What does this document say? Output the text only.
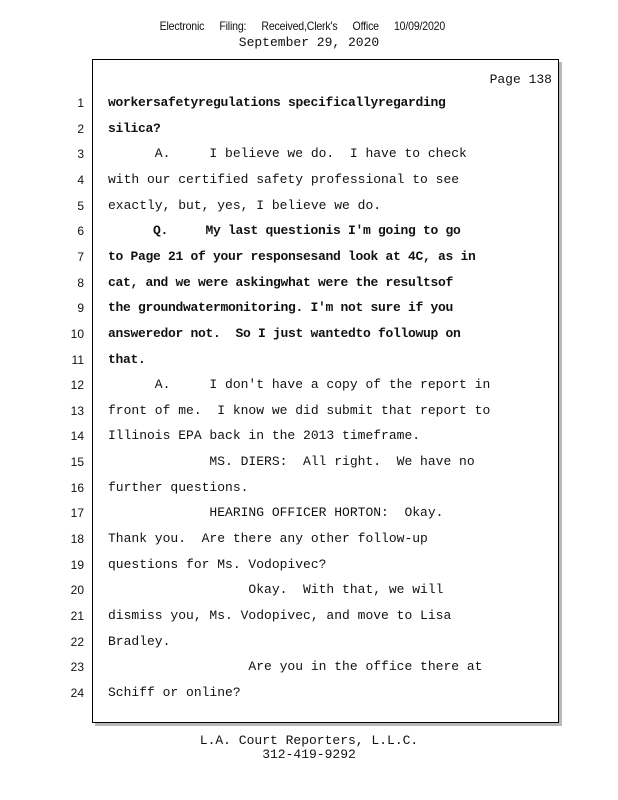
Electronic Filing: Received,Clerk's Office 10/09/2020
September 29, 2020
Page 138
1 workersafetyregulations specificallyregarding
2 silica?
3 A.     I believe we do.  I have to check
4 with our certified safety professional to see
5 exactly, but, yes, I believe we do.
6 Q.     My last questionis I'm going to go
7 to Page 21 of your responsesand look at 4C, as in
8 cat, and we were askingwhat were the resultsof
9 the groundwatermonitoring. I'm not sure if you
10 answeredor not.  So I just wantedto followup on
11 that.
12 A.     I don't have a copy of the report in
13 front of me.  I know we did submit that report to
14 Illinois EPA back in the 2013 timeframe.
15 MS. DIERS:  All right.  We have no
16 further questions.
17 HEARING OFFICER HORTON:  Okay.
18 Thank you.  Are there any other follow-up
19 questions for Ms. Vodopivec?
20 Okay.  With that, we will
21 dismiss you, Ms. Vodopivec, and move to Lisa
22 Bradley.
23 Are you in the office there at
24 Schiff or online?
L.A. Court Reporters, L.L.C.
312-419-9292
